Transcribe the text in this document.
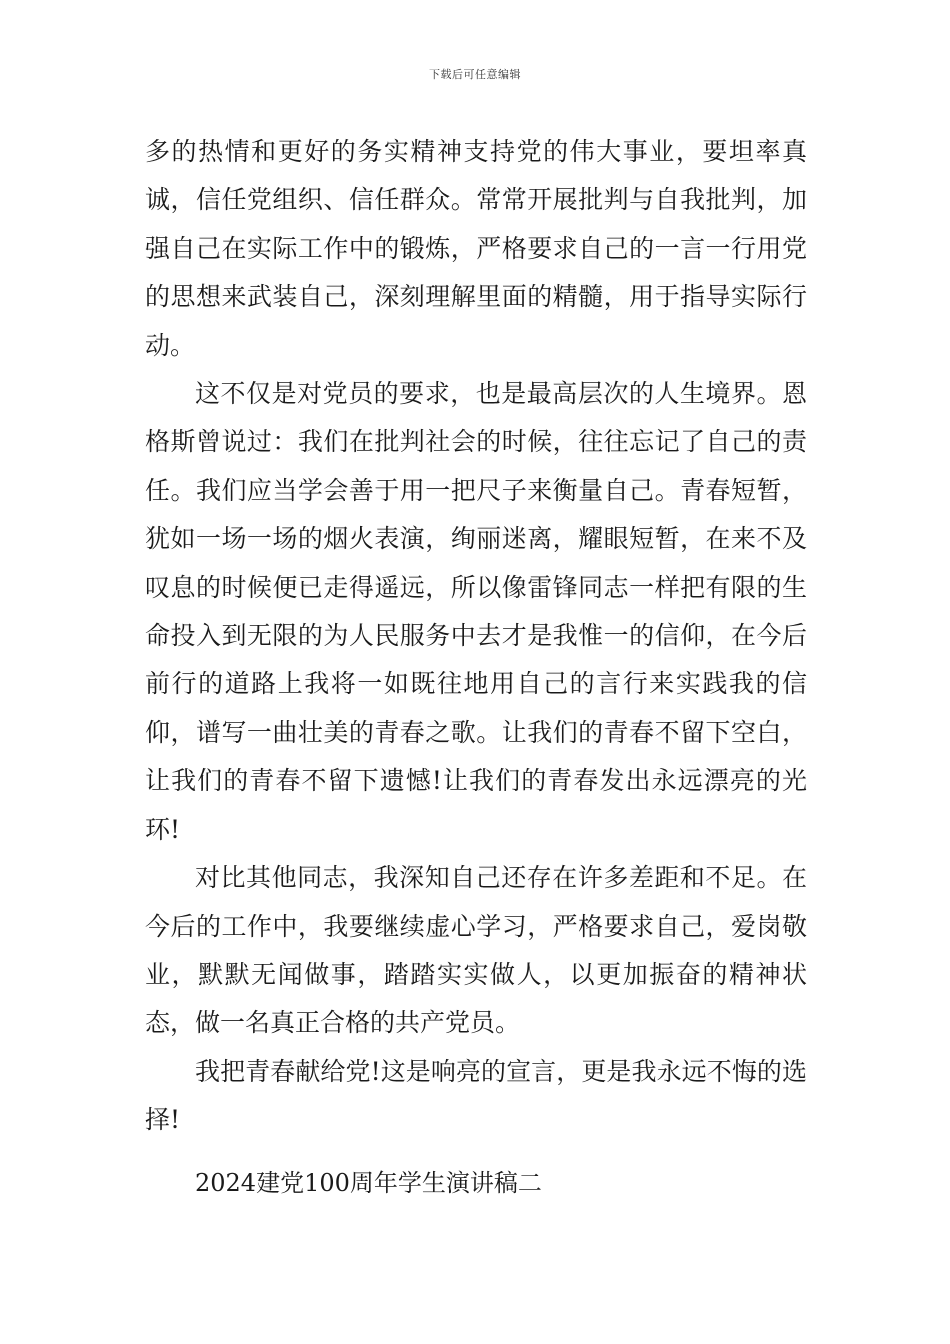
下载后可任意编辑

多的热情和更好的务实精神支持党的伟大事业，要坦率真诚，信任党组织、信任群众。常常开展批判与自我批判，加强自己在实际工作中的锻炼，严格要求自己的一言一行用党的思想来武装自己，深刻理解里面的精髓，用于指导实际行动。

这不仅是对党员的要求，也是最高层次的人生境界。恩格斯曾说过：我们在批判社会的时候，往往忘记了自己的责任。我们应当学会善于用一把尺子来衡量自己。青春短暂，犹如一场一场的烟火表演，绚丽迷离，耀眼短暂，在来不及叹息的时候便已走得遥远，所以像雷锋同志一样把有限的生命投入到无限的为人民服务中去才是我惟一的信仰，在今后前行的道路上我将一如既往地用自己的言行来实践我的信仰，谱写一曲壮美的青春之歌。让我们的青春不留下空白，让我们的青春不留下遗憾!让我们的青春发出永远漂亮的光环!

对比其他同志，我深知自己还存在许多差距和不足。在今后的工作中，我要继续虚心学习，严格要求自己，爱岗敬业，默默无闻做事，踏踏实实做人，以更加振奋的精神状态，做一名真正合格的共产党员。

我把青春献给党!这是响亮的宣言，更是我永远不悔的选择!

2024建党100周年学生演讲稿二
